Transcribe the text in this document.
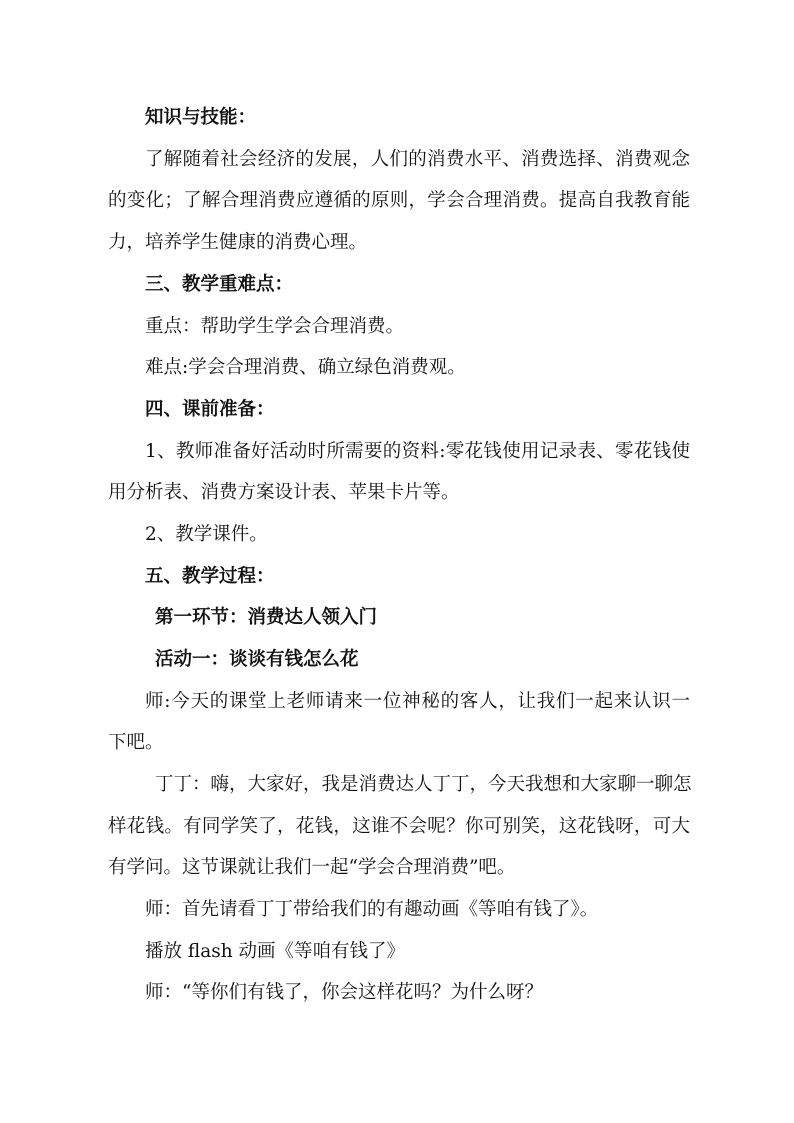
知识与技能：
了解随着社会经济的发展，人们的消费水平、消费选择、消费观念
的变化；了解合理消费应遵循的原则，学会合理消费。提高自我教育能
力，培养学生健康的消费心理。
三、教学重难点：
重点：帮助学生学会合理消费。
难点:学会合理消费、确立绿色消费观。
四、课前准备：
1、教师准备好活动时所需要的资料:零花钱使用记录表、零花钱使
用分析表、消费方案设计表、苹果卡片等。
2、教学课件。
五、教学过程：
第一环节：消费达人领入门
活动一：谈谈有钱怎么花
师:今天的课堂上老师请来一位神秘的客人，让我们一起来认识一
下吧。
丁丁：嗨，大家好，我是消费达人丁丁，今天我想和大家聊一聊怎
样花钱。有同学笑了，花钱，这谁不会呢？你可别笑，这花钱呀，可大
有学问。这节课就让我们一起“学会合理消费”吧。
师：首先请看丁丁带给我们的有趣动画《等咱有钱了》。
播放 flash 动画《等咱有钱了》
师：“等你们有钱了，你会这样花吗？为什么呀？
